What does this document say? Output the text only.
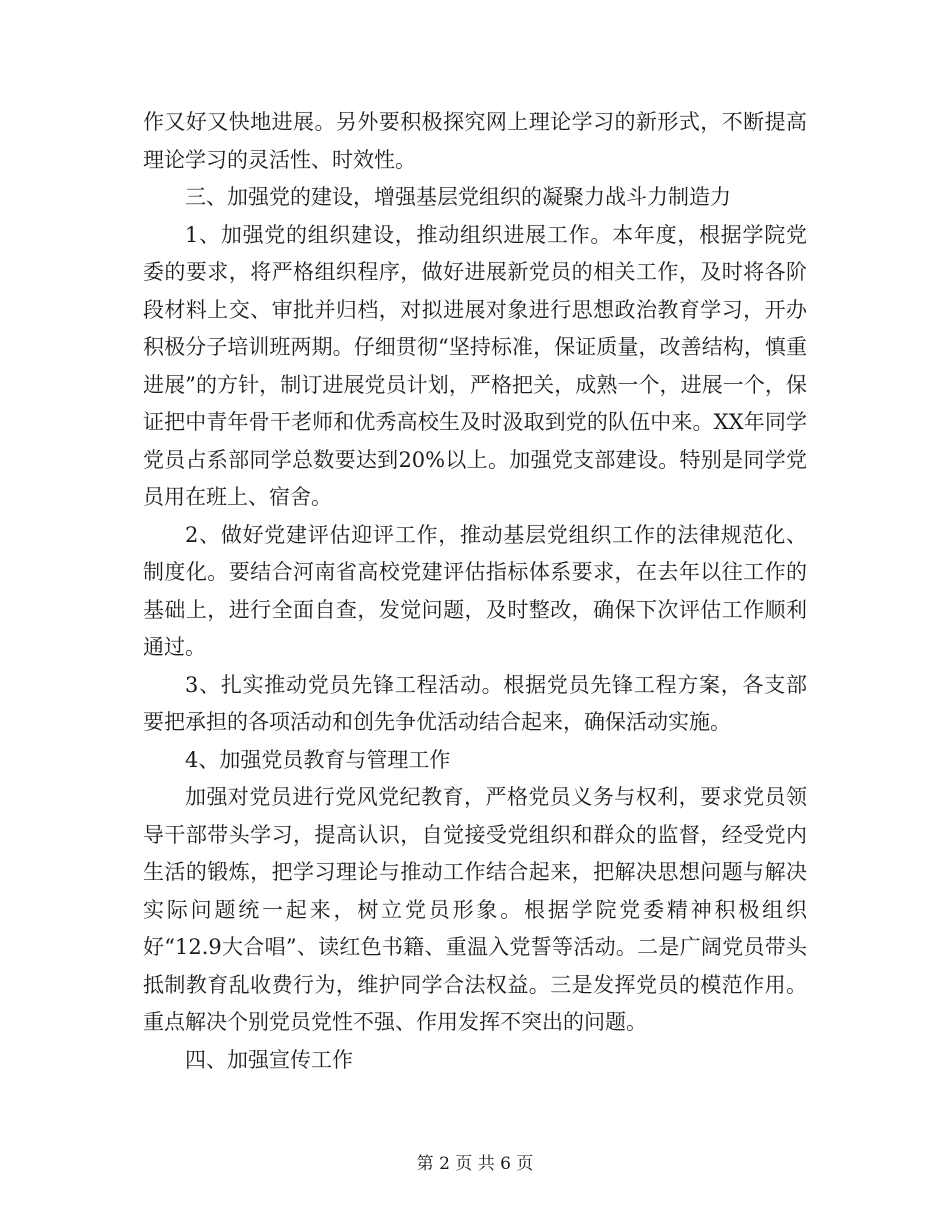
作又好又快地进展。另外要积极探究网上理论学习的新形式，不断提高理论学习的灵活性、时效性。

三、加强党的建设，增强基层党组织的凝聚力战斗力制造力

1、加强党的组织建设，推动组织进展工作。本年度，根据学院党委的要求，将严格组织程序，做好进展新党员的相关工作，及时将各阶段材料上交、审批并归档，对拟进展对象进行思想政治教育学习，开办积极分子培训班两期。仔细贯彻“坚持标准，保证质量，改善结构，慎重进展”的方针，制订进展党员计划，严格把关，成熟一个，进展一个，保证把中青年骨干老师和优秀高校生及时汲取到党的队伍中来。XX年同学党员占系部同学总数要达到20%以上。加强党支部建设。特别是同学党员用在班上、宿舍。

2、做好党建评估迎评工作，推动基层党组织工作的法律规范化、制度化。要结合河南省高校党建评估指标体系要求，在去年以往工作的基础上，进行全面自查，发觉问题，及时整改，确保下次评估工作顺利通过。

3、扎实推动党员先锋工程活动。根据党员先锋工程方案，各支部要把承担的各项活动和创先争优活动结合起来，确保活动实施。

4、加强党员教育与管理工作

加强对党员进行党风党纪教育，严格党员义务与权利，要求党员领导干部带头学习，提高认识，自觉接受党组织和群众的监督，经受党内生活的锻炼，把学习理论与推动工作结合起来，把解决思想问题与解决实际问题统一起来，树立党员形象。根据学院党委精神积极组织好“12.9大合唱”、读红色书籍、重温入党誓等活动。二是广阔党员带头抵制教育乱收费行为，维护同学合法权益。三是发挥党员的模范作用。重点解决个别党员党性不强、作用发挥不突出的问题。

四、加强宣传工作

第 2 页 共 6 页
